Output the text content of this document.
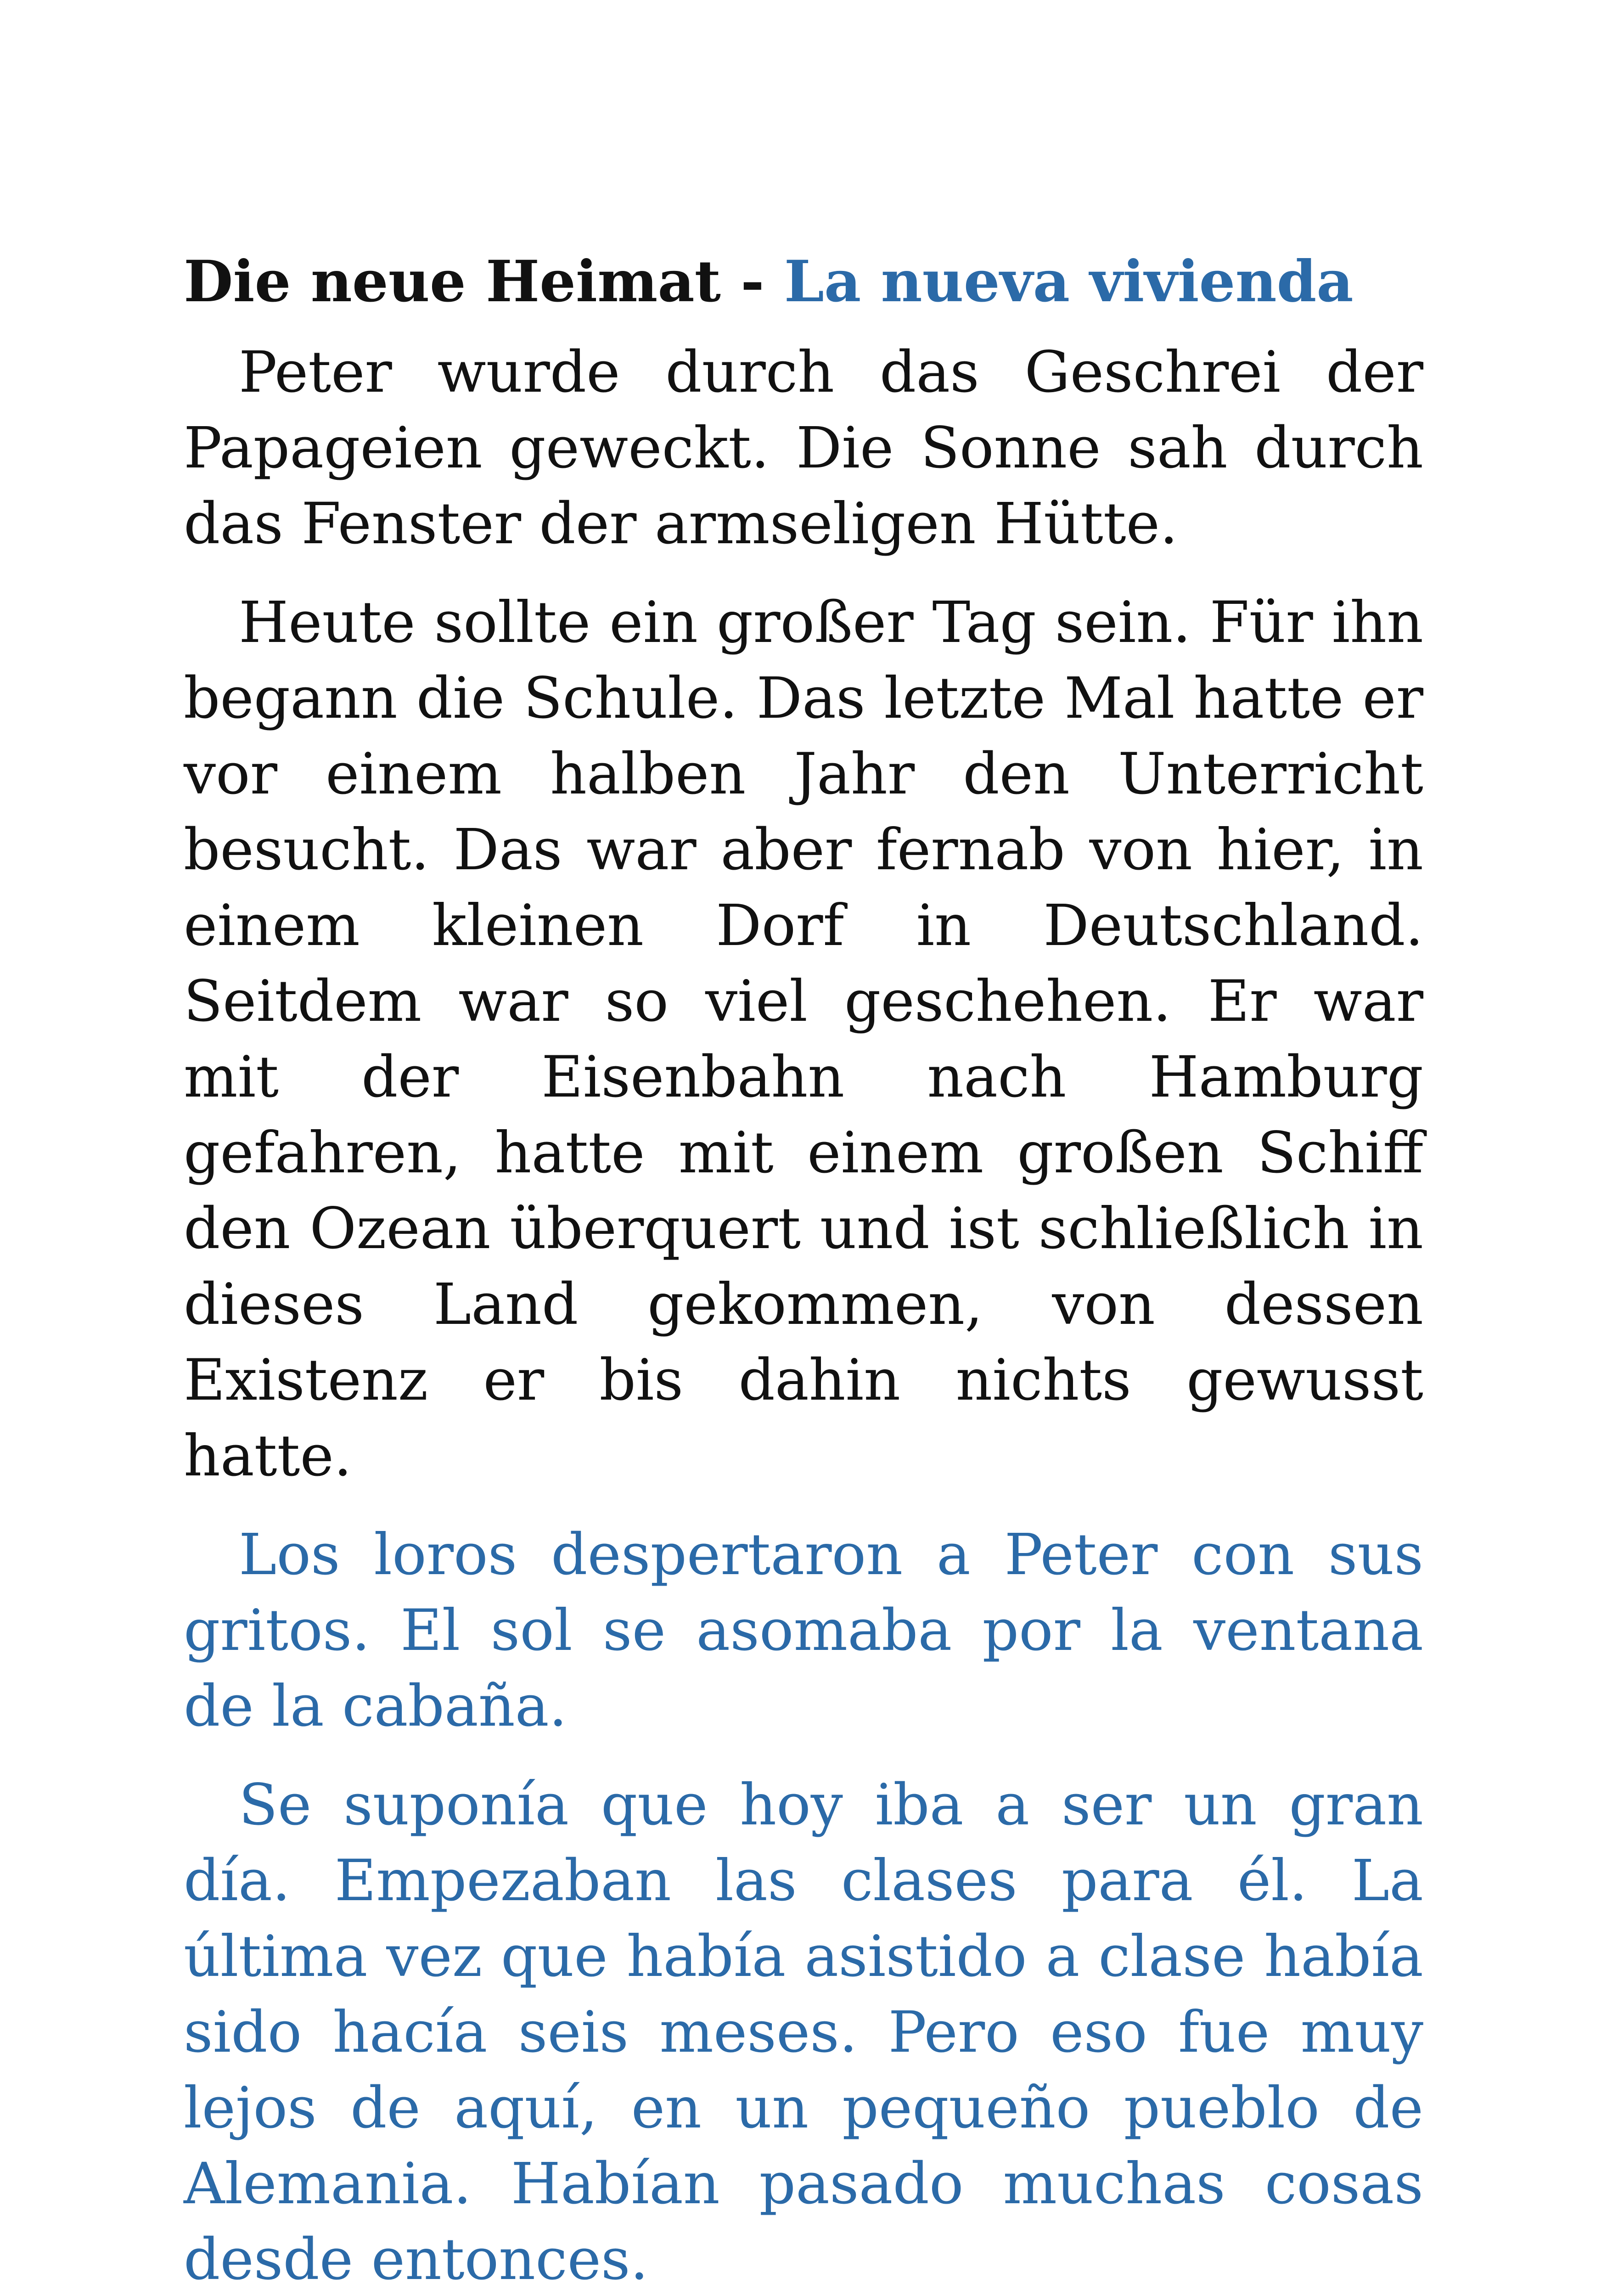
Die neue Heimat - La nueva vivienda

Peter wurde durch das Geschrei der Papageien geweckt. Die Sonne sah durch das Fenster der armseligen Hütte.

Heute sollte ein großer Tag sein. Für ihn begann die Schule. Das letzte Mal hatte er vor einem halben Jahr den Unterricht besucht. Das war aber fernab von hier, in einem kleinen Dorf in Deutschland. Seitdem war so viel geschehen. Er war mit der Eisenbahn nach Hamburg gefahren, hatte mit einem großen Schiff den Ozean überquert und ist schließlich in dieses Land gekommen, von dessen Existenz er bis dahin nichts gewusst hatte.

Los loros despertaron a Peter con sus gritos. El sol se asomaba por la ventana de la cabaña.

Se suponía que hoy iba a ser un gran día. Empezaban las clases para él. La última vez que había asistido a clase había sido hacía seis meses. Pero eso fue muy lejos de aquí, en un pequeño pueblo de Alemania. Habían pasado muchas cosas desde entonces.
